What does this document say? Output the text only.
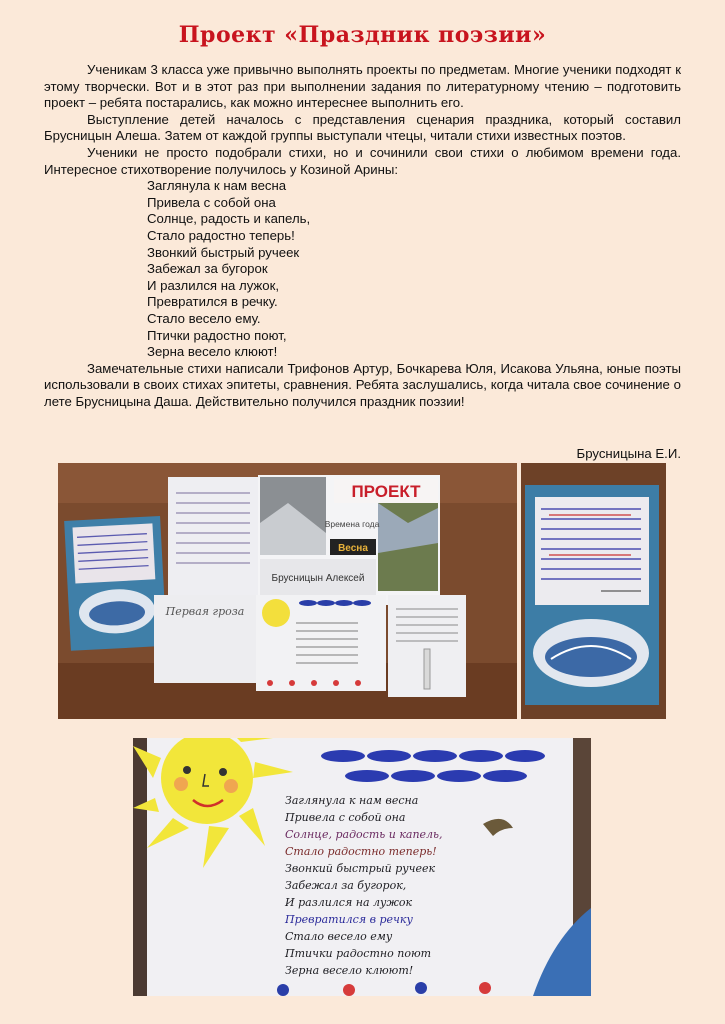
Проект «Праздник поэзии»

Ученикам 3 класса уже привычно выполнять проекты по предметам. Многие ученики подходят к этому творчески. Вот и в этот раз при выполнении задания по литературному чтению – подготовить проект – ребята постарались, как можно интереснее выполнить его.

Выступление детей началось с представления сценария праздника, который составил Брусницын Алеша. Затем от каждой группы выступали чтецы, читали стихи известных поэтов.

Ученики не просто подобрали стихи, но и сочинили свои стихи о любимом времени года. Интересное стихотворение получилось у Козиной Арины:

Заглянула к нам весна
Привела с собой она
Солнце, радость и капель,
Стало радостно теперь!
Звонкий быстрый ручеек
Забежал за бугорок
И разлился на лужок,
Превратился в речку.
Стало весело ему.
Птички радостно поют,
Зерна весело клюют!

Замечательные стихи написали Трифонов Артур, Бочкарева Юля, Исакова Ульяна, юные поэты использовали в своих стихах эпитеты, сравнения. Ребята заслушались, когда читала свое сочинение о лете Брусницына Даша. Действительно получился праздник поэзии!

Брусницына Е.И.
ПРОЕКТ
Времена года
Весна
Брусницын Алексей
Первая гроза
Заглянула к нам весна
Привела с собой она
Солнце, радость и капель,
Стало радостно теперь!
Звонкий быстрый ручеек
Забежал за бугорок,
И разлился на лужок
Превратился в речку
Стало весело ему
Птички радостно поют
Зерна весело клюют!
